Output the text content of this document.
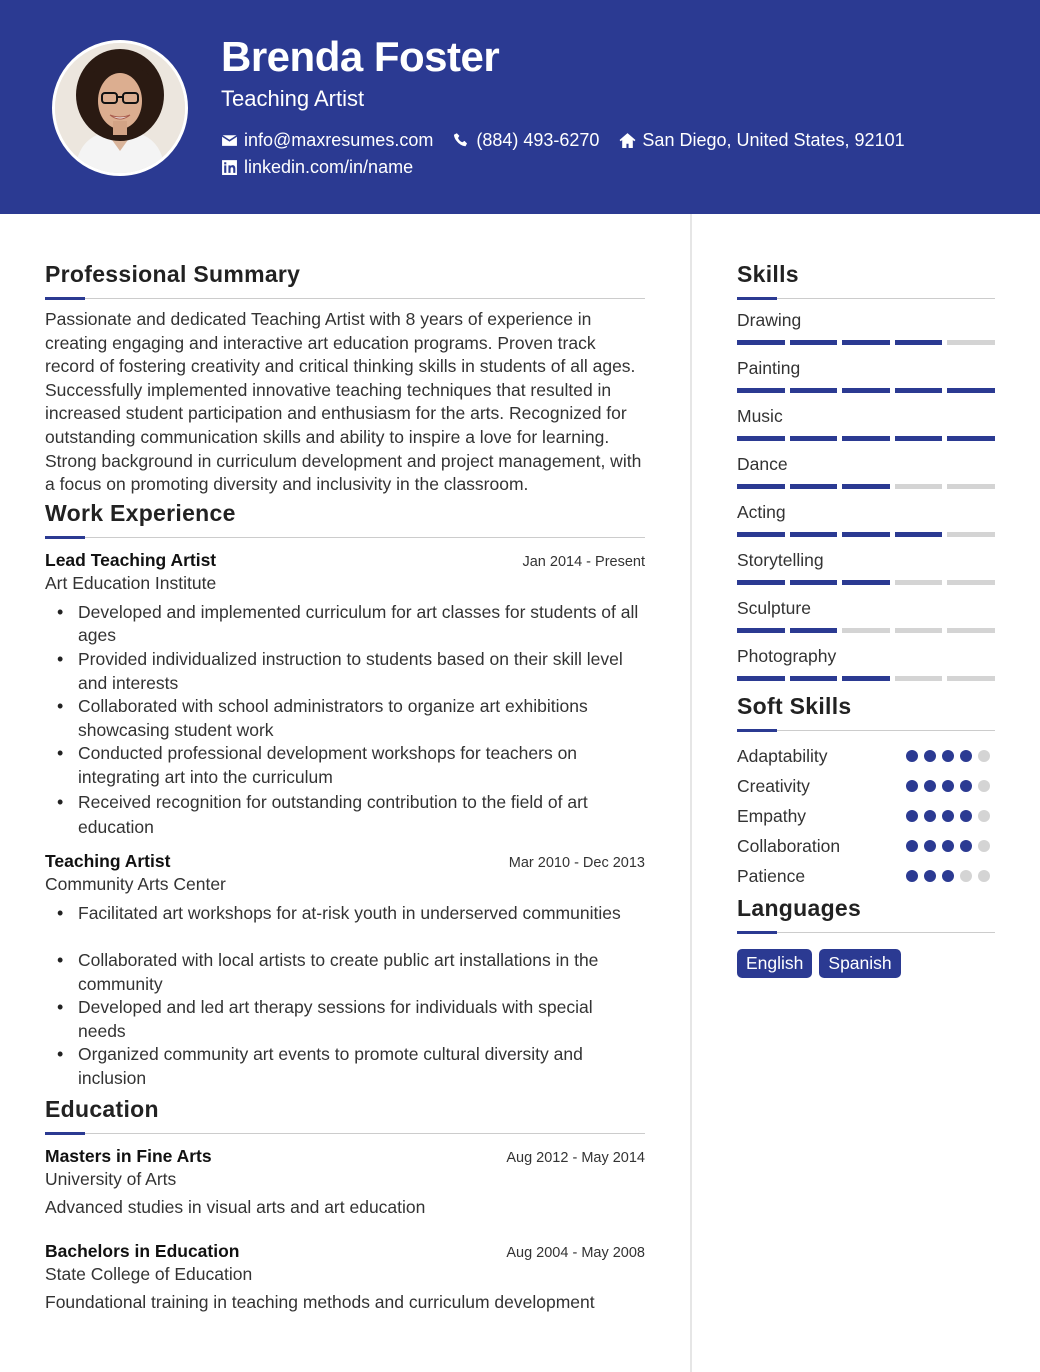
Brenda Foster
Teaching Artist
info@maxresumes.com (884) 493-6270 San Diego, United States, 92101
linkedin.com/in/name
Professional Summary

Passionate and dedicated Teaching Artist with 8 years of experience in creating engaging and interactive art education programs. Proven track record of fostering creativity and critical thinking skills in students of all ages. Successfully implemented innovative teaching techniques that resulted in increased student participation and enthusiasm for the arts. Recognized for outstanding communication skills and ability to inspire a love for learning. Strong background in curriculum development and project management, with a focus on promoting diversity and inclusivity in the classroom.

Work Experience
Lead Teaching Artist	Jan 2014 - Present
Art Education Institute
• Developed and implemented curriculum for art classes for students of all ages
• Provided individualized instruction to students based on their skill level and interests
• Collaborated with school administrators to organize art exhibitions showcasing student work
• Conducted professional development workshops for teachers on integrating art into the curriculum
• Received recognition for outstanding contribution to the field of art education
Teaching Artist	Mar 2010 - Dec 2013
Community Arts Center
• Facilitated art workshops for at-risk youth in underserved communities
• Collaborated with local artists to create public art installations in the community
• Developed and led art therapy sessions for individuals with special needs
• Organized community art events to promote cultural diversity and inclusion
Education
Masters in Fine Arts	Aug 2012 - May 2014
University of Arts
Advanced studies in visual arts and art education
Bachelors in Education	Aug 2004 - May 2008
State College of Education
Foundational training in teaching methods and curriculum development
Skills
Drawing
Painting
Music
Dance
Acting
Storytelling
Sculpture
Photography
Soft Skills
Adaptability
Creativity
Empathy
Collaboration
Patience
Languages
English	Spanish
